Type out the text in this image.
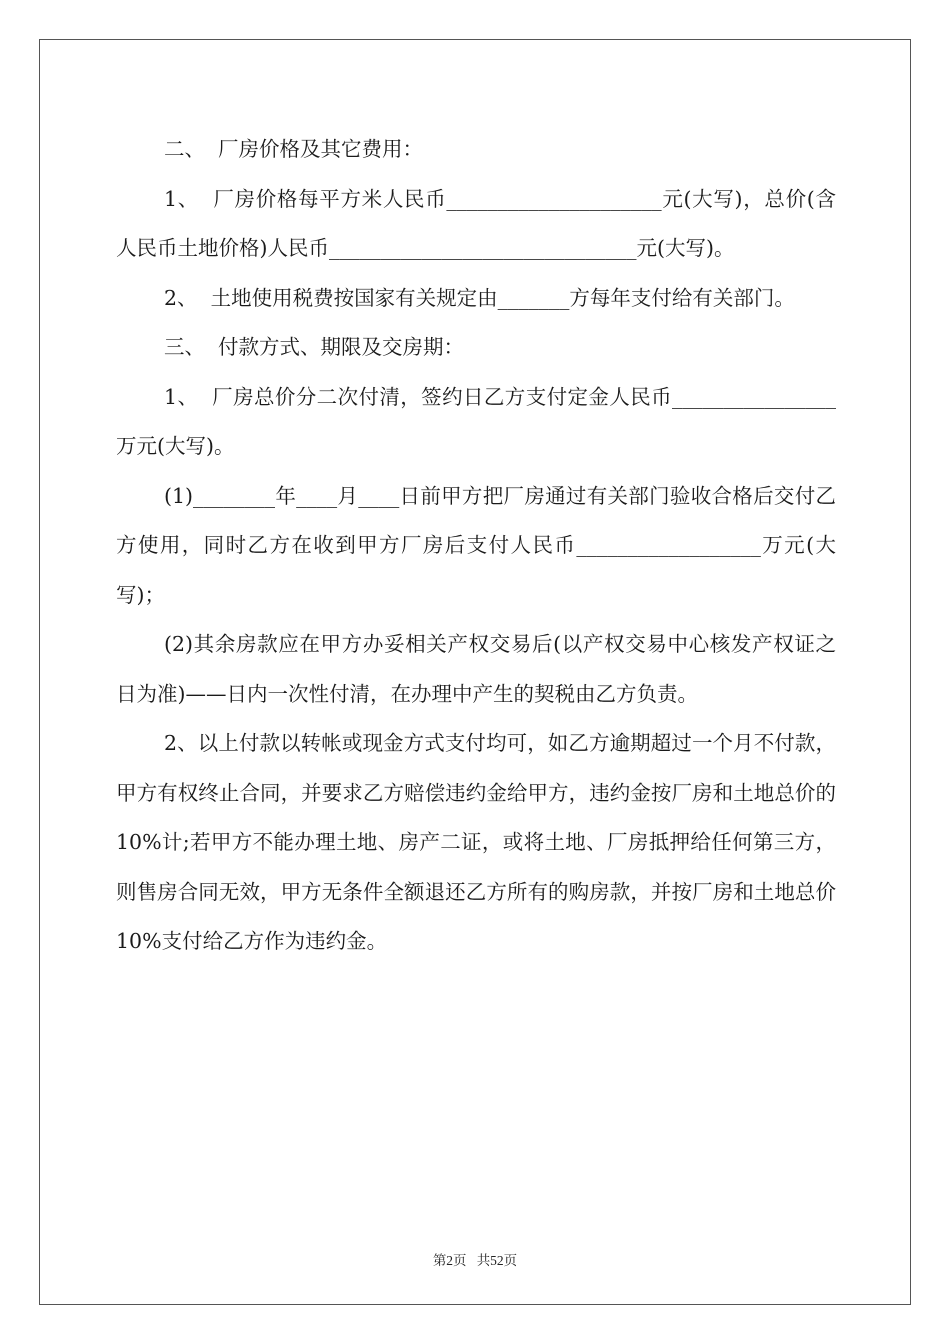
二、  厂房价格及其它费用：

1、  厂房价格每平方米人民币_____________________元(大写)，总价(含人民币土地价格)人民币______________________________元(大写)。

2、  土地使用税费按国家有关规定由_______方每年支付给有关部门。

三、  付款方式、期限及交房期：

1、  厂房总价分二次付清，签约日乙方支付定金人民币________________万元(大写)。

(1)________年____月____日前甲方把厂房通过有关部门验收合格后交付乙方使用，同时乙方在收到甲方厂房后支付人民币__________________万元(大写)；

(2)其余房款应在甲方办妥相关产权交易后(以产权交易中心核发产权证之日为准)——日内一次性付清，在办理中产生的契税由乙方负责。

2、以上付款以转帐或现金方式支付均可，如乙方逾期超过一个月不付款，甲方有权终止合同，并要求乙方赔偿违约金给甲方，违约金按厂房和土地总价的10%计;若甲方不能办理土地、房产二证，或将土地、厂房抵押给任何第三方，则售房合同无效，甲方无条件全额退还乙方所有的购房款，并按厂房和土地总价 10%支付给乙方作为违约金。

第2页 共52页
